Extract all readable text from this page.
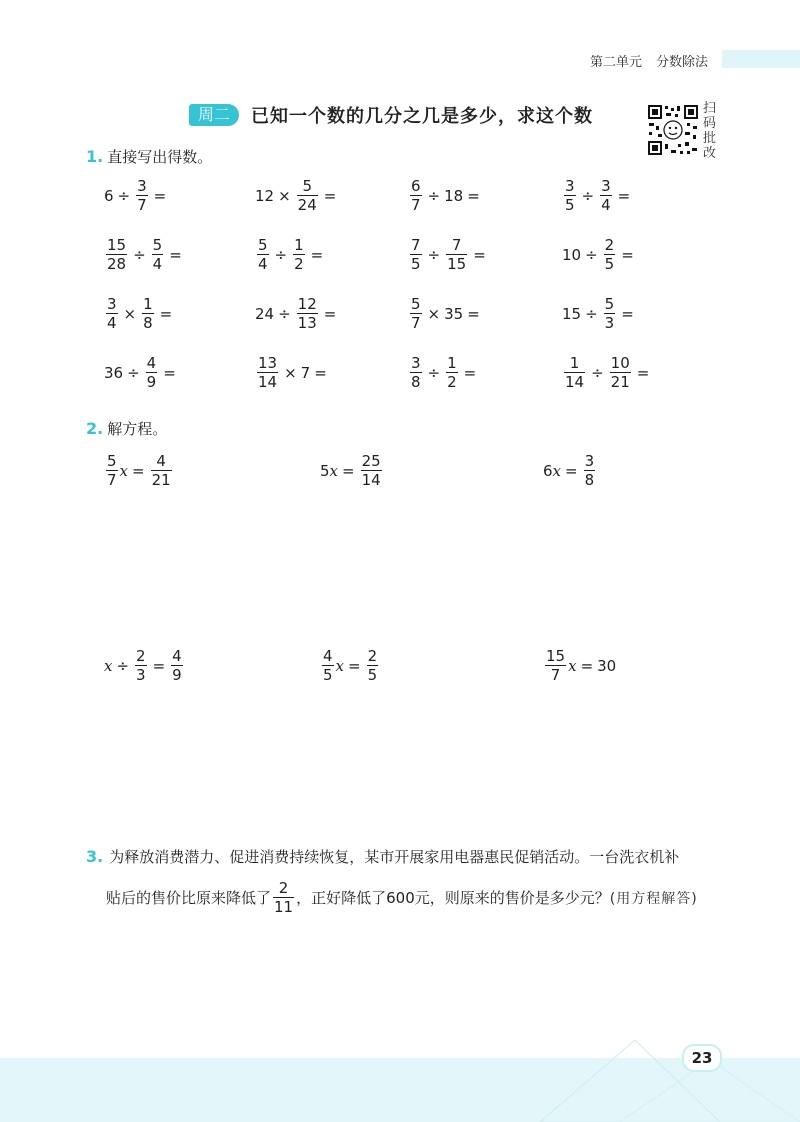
第二单元 分数除法
周二	已知一个数的几分之几是多少，求这个数	扫
码
批
改
1. 直接写出得数。
$6 \div \frac{3}{7}$ =	$12 \times \frac{5}{24}$ =	$\frac{6}{7} \div 18$ =	$\frac{3}{5} \div \frac{3}{4}$ =
$\frac{15}{28} \div \frac{5}{4}$ =	$\frac{5}{4} \div \frac{1}{2}$ =	$\frac{7}{5} \div \frac{7}{15}$ =	$10 \div \frac{2}{5}$ =
$\frac{3}{4} \times \frac{1}{8}$ =	$24 \div \frac{12}{13}$ =	$\frac{5}{7} \times 35$ =	$15 \div \frac{5}{3}$ =
$36 \div \frac{4}{9}$ =	$\frac{13}{14} \times 7$ =	$\frac{3}{8} \div \frac{1}{2}$ =	$\frac{1}{14} \div \frac{10}{21}$ =
2. 解方程。
$\frac{5}{7}$ $x = \frac{4}{21}$	5 $x = \frac{25}{14}$	6 $x = \frac{3}{8}$
$x \div \frac{2}{3} = \frac{4}{9}$	$\frac{4}{5}$ $x = \frac{2}{5}$	$\frac{15}{7}$ x = 30
3. 为释放消费潜力、促进消费持续恢复，某市开展家用电器惠民促销活动。一台洗衣机补
贴后的售价比原来降低了 $\frac{2}{11}$ ，正好降低了600元，则原来的售价是多少元？ (用方程解答)
23
